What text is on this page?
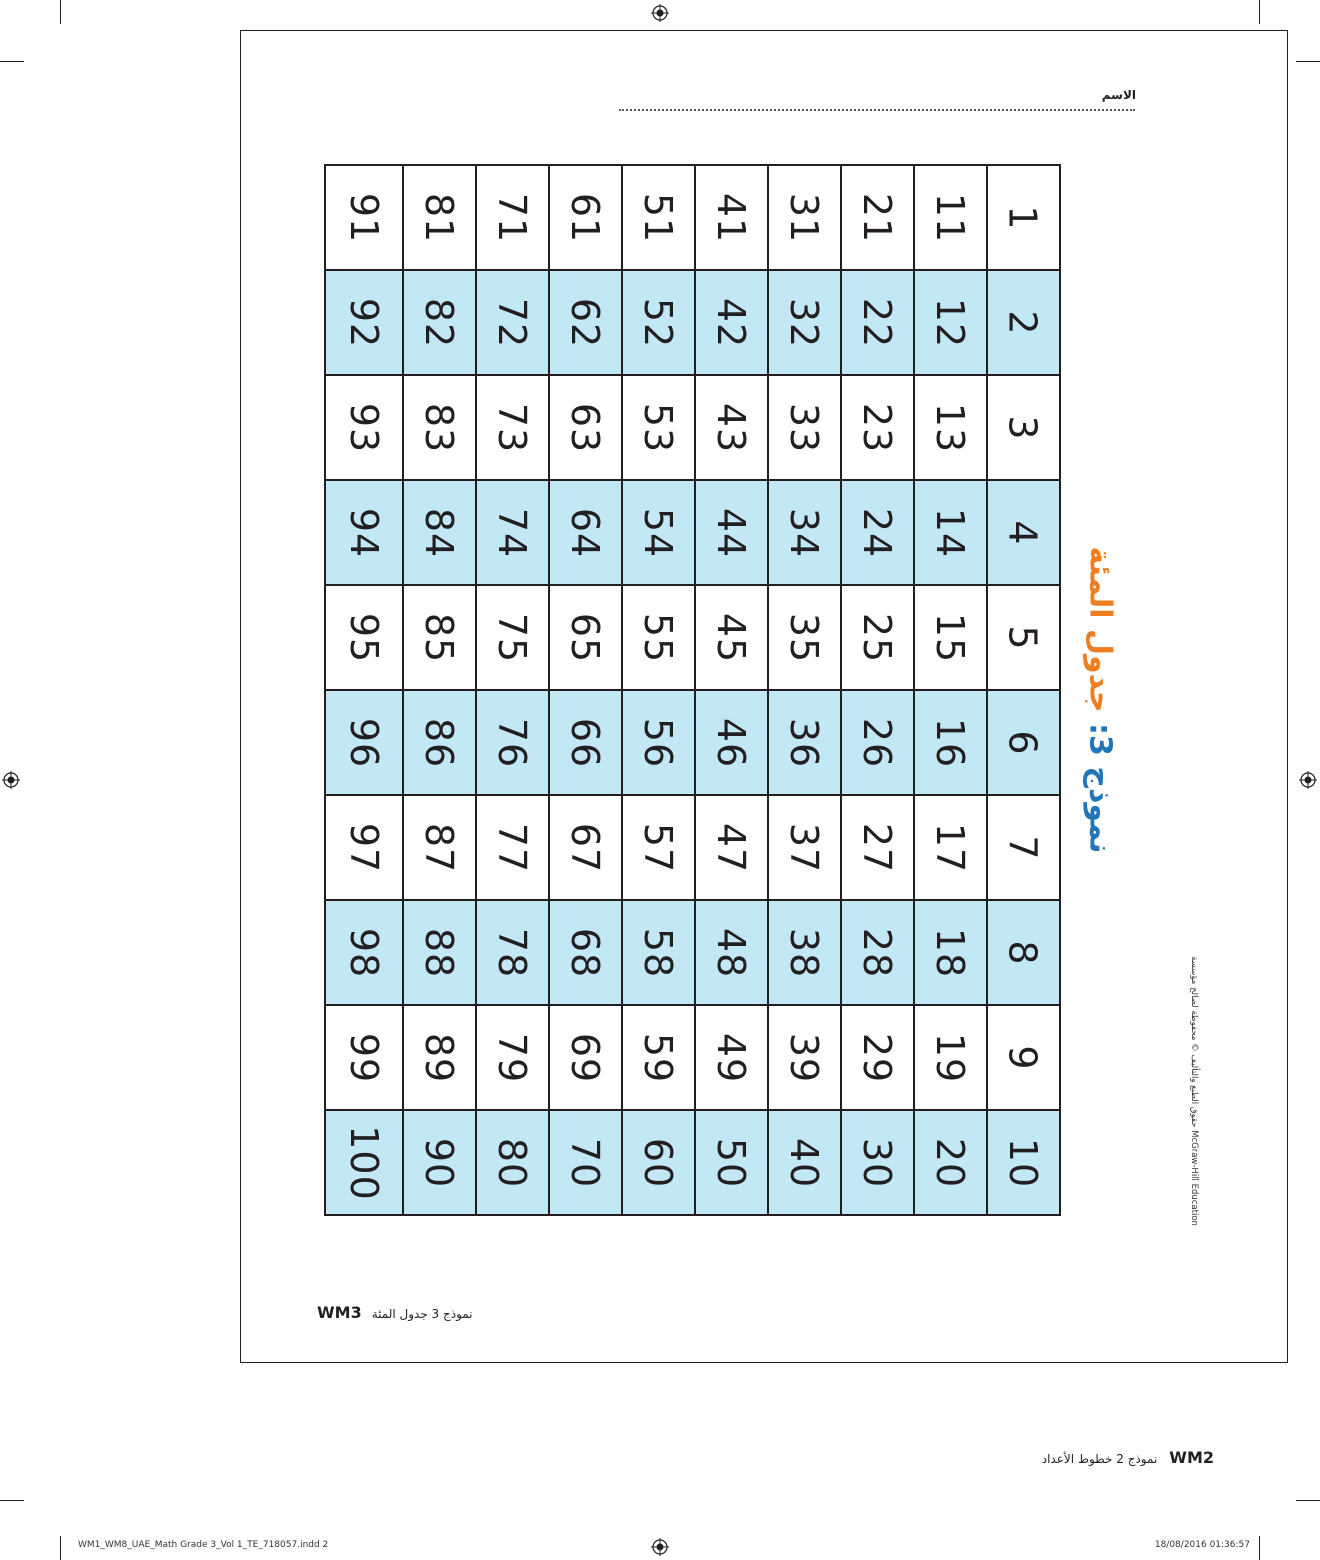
الاسم
91	81	71	61	51	41	31	21	11	1
92	82	72	62	52	42	32	22	12	2
93	83	73	63	53	43	33	23	13	3
94	84	74	64	54	44	34	24	14	4
95	85	75	65	55	45	35	25	15	5
96	86	76	66	56	46	36	26	16	6
97	87	77	67	57	47	37	27	17	7
98	88	78	68	58	48	38	28	18	8
99	89	79	69	59	49	39	29	19	9
100	90	80	70	60	50	40	30	20	10
نموذج 3: جدول المئة
حقوق الطبع والتأليف © محفوظة لصالح مؤسسة McGraw-Hill Education
WM3 نموذج 3 جدول المئة
نموذج 2 خطوط الأعداد WM2
WM1_WM8_UAE_Math Grade 3_Vol 1_TE_718057.indd 2	18/08/2016 01:36:57
